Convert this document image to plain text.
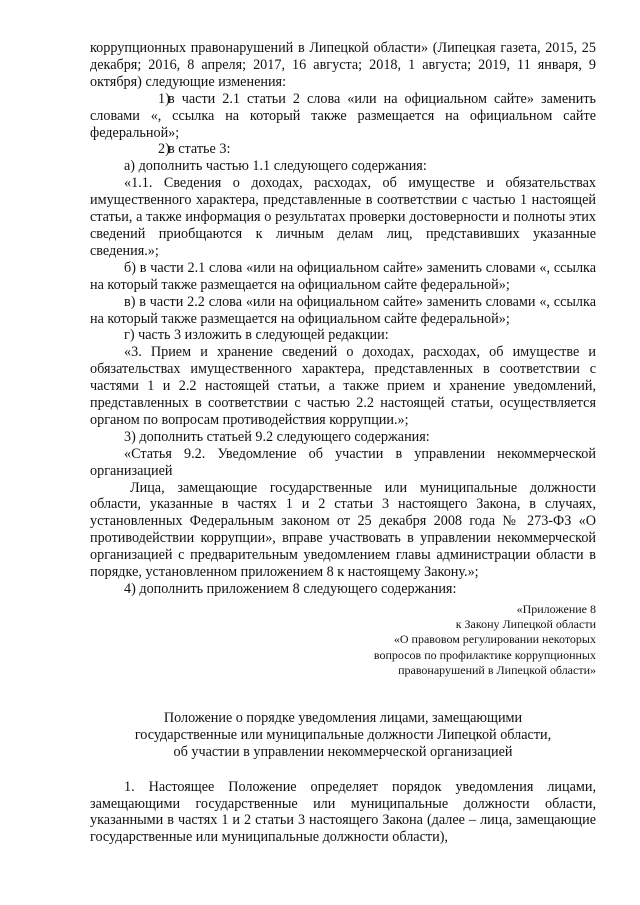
коррупционных правонарушений в Липецкой области» (Липецкая газета, 2015, 25 декабря; 2016, 8 апреля; 2017, 16 августа; 2018, 1 августа; 2019, 11 января, 9 октября) следующие изменения:

1)в части 2.1 статьи 2 слова «или на официальном сайте» заменить словами «, ссылка на который также размещается на официальном сайте федеральной»;

2)в статье 3:

а) дополнить частью 1.1 следующего содержания:

«1.1. Сведения о доходах, расходах, об имуществе и обязательствах имущественного характера, представленные в соответствии с частью 1 настоящей статьи, а также информация о результатах проверки достоверности и полноты этих сведений приобщаются к личным делам лиц, представивших указанные сведения.»;

б) в части 2.1 слова «или на официальном сайте» заменить словами «, ссылка на который также размещается на официальном сайте федеральной»;

в) в части 2.2 слова «или на официальном сайте» заменить словами «, ссылка на который также размещается на официальном сайте федеральной»;

г) часть 3 изложить в следующей редакции:

«3. Прием и хранение сведений о доходах, расходах, об имуществе и обязательствах имущественного характера, представленных в соответствии с частями 1 и 2.2 настоящей статьи, а также прием и хранение уведомлений, представленных в соответствии с частью 2.2 настоящей статьи, осуществляется органом по вопросам противодействия коррупции.»;

3) дополнить статьей 9.2 следующего содержания:

«Статья 9.2. Уведомление об участии в управлении некоммерческой организацией

Лица, замещающие государственные или муниципальные должности области, указанные в частях 1 и 2 статьи 3 настоящего Закона, в случаях, установленных Федеральным законом от 25 декабря 2008 года № 273-ФЗ «О противодействии коррупции», вправе участвовать в управлении некоммерческой организацией с предварительным уведомлением главы администрации области в порядке, установленном приложением 8 к настоящему Закону.»;

4) дополнить приложением 8 следующего содержания:

«Приложение 8

к Закону Липецкой области

«О правовом регулировании некоторых

вопросов по профилактике коррупционных

правонарушений в Липецкой области»

Положение о порядке уведомления лицами, замещающими

государственные или муниципальные должности Липецкой области,

об участии в управлении некоммерческой организацией

1. Настоящее Положение определяет порядок уведомления лицами, замещающими государственные или муниципальные должности области, указанными в частях 1 и 2 статьи 3 настоящего Закона (далее – лица, замещающие государственные или муниципальные должности области),
